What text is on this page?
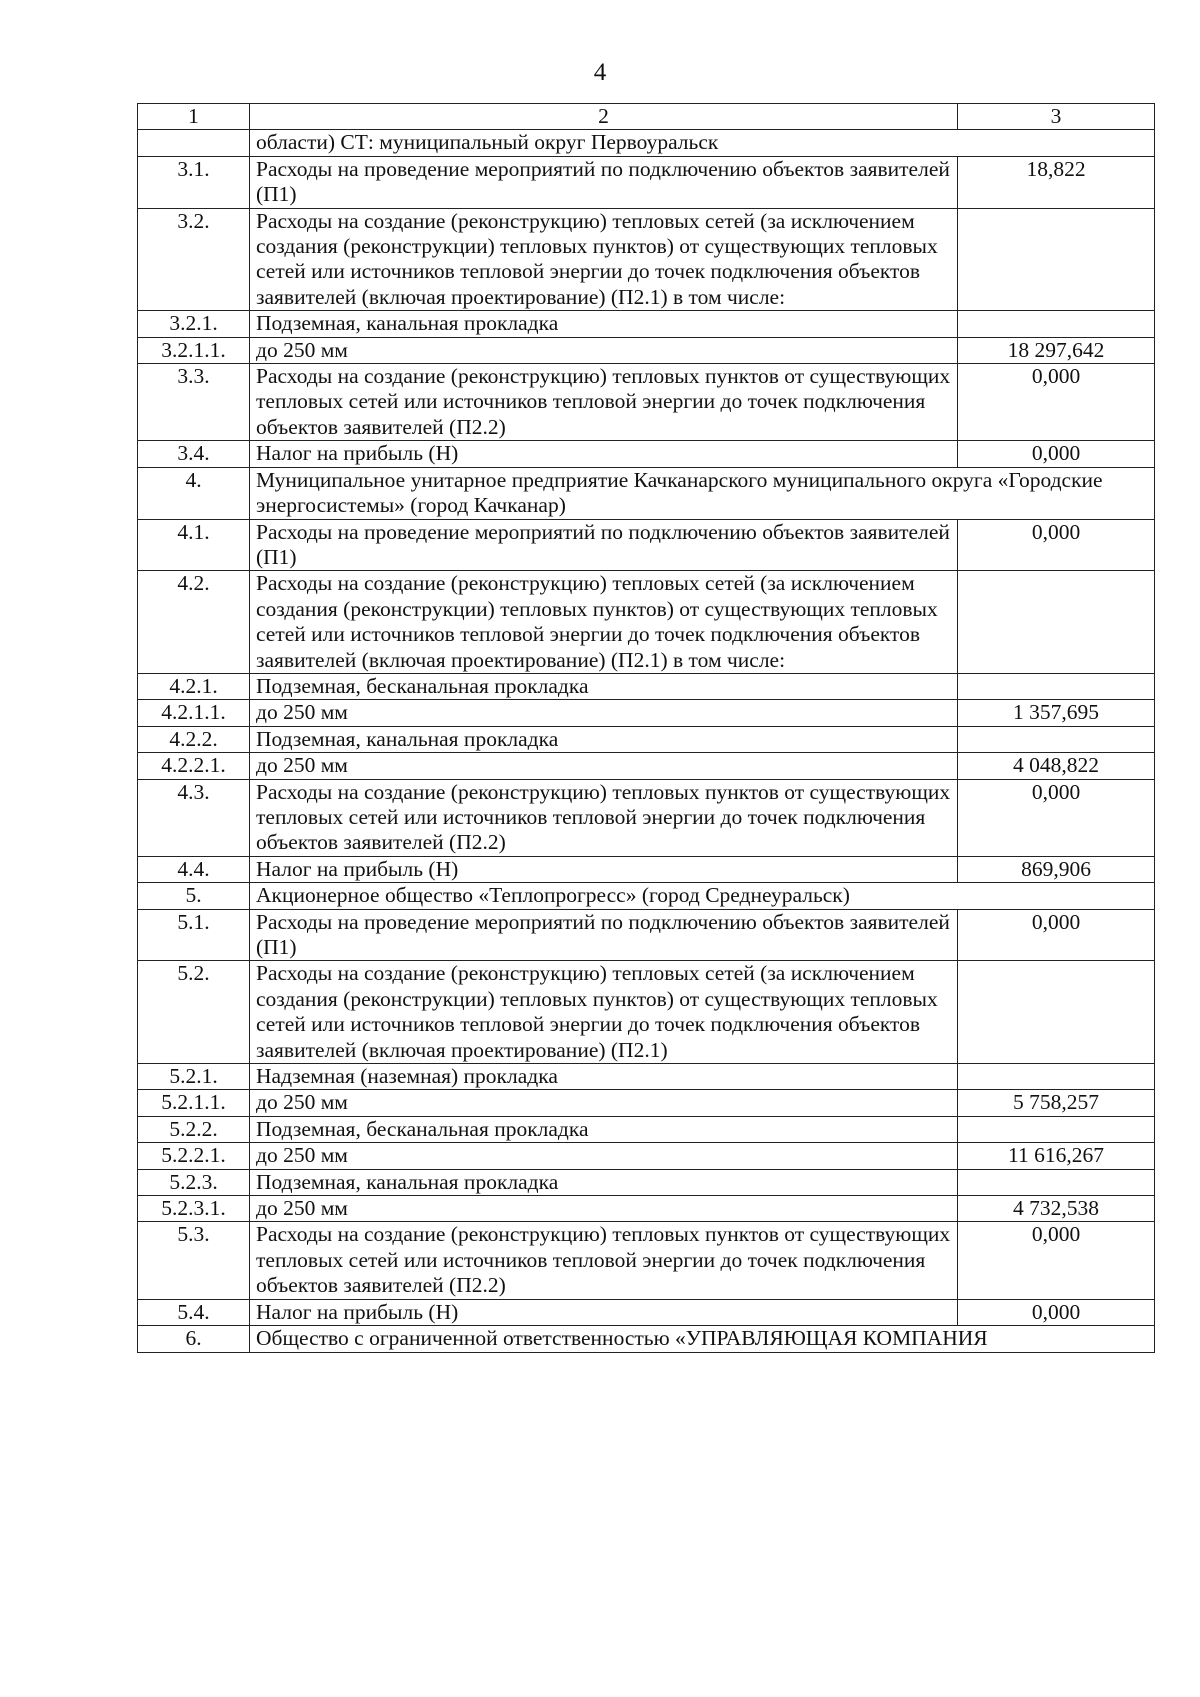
4
1	2	3
	области) СТ: муниципальный округ Первоуральск	
3.1.	Расходы на проведение мероприятий по подключению объектов заявителей (П1)	18,822
3.2.	Расходы на создание (реконструкцию) тепловых сетей (за исключением создания (реконструкции) тепловых пунктов) от существующих тепловых сетей или источников тепловой энергии до точек подключения объектов заявителей (включая проектирование) (П2.1) в том числе:	
3.2.1.	Подземная, канальная прокладка	
3.2.1.1.	до 250 мм	18 297,642
3.3.	Расходы на создание (реконструкцию) тепловых пунктов от существующих тепловых сетей или источников тепловой энергии до точек подключения объектов заявителей (П2.2)	0,000
3.4.	Налог на прибыль (Н)	0,000
4.	Муниципальное унитарное предприятие Качканарского муниципального округа «Городские энергосистемы» (город Качканар)	
4.1.	Расходы на проведение мероприятий по подключению объектов заявителей (П1)	0,000
4.2.	Расходы на создание (реконструкцию) тепловых сетей (за исключением создания (реконструкции) тепловых пунктов) от существующих тепловых сетей или источников тепловой энергии до точек подключения объектов заявителей (включая проектирование) (П2.1) в том числе:	
4.2.1.	Подземная, бесканальная прокладка	
4.2.1.1.	до 250 мм	1 357,695
4.2.2.	Подземная, канальная прокладка	
4.2.2.1.	до 250 мм	4 048,822
4.3.	Расходы на создание (реконструкцию) тепловых пунктов от существующих тепловых сетей или источников тепловой энергии до точек подключения объектов заявителей (П2.2)	0,000
4.4.	Налог на прибыль (Н)	869,906
5.	Акционерное общество «Теплопрогресс» (город Среднеуральск)	
5.1.	Расходы на проведение мероприятий по подключению объектов заявителей (П1)	0,000
5.2.	Расходы на создание (реконструкцию) тепловых сетей (за исключением создания (реконструкции) тепловых пунктов) от существующих тепловых сетей или источников тепловой энергии до точек подключения объектов заявителей (включая проектирование) (П2.1)	
5.2.1.	Надземная (наземная) прокладка	
5.2.1.1.	до 250 мм	5 758,257
5.2.2.	Подземная, бесканальная прокладка	
5.2.2.1.	до 250 мм	11 616,267
5.2.3.	Подземная, канальная прокладка	
5.2.3.1.	до 250 мм	4 732,538
5.3.	Расходы на создание (реконструкцию) тепловых пунктов от существующих тепловых сетей или источников тепловой энергии до точек подключения объектов заявителей (П2.2)	0,000
5.4.	Налог на прибыль (Н)	0,000
6.	Общество с ограниченной ответственностью «УПРАВЛЯЮЩАЯ КОМПАНИЯ	
